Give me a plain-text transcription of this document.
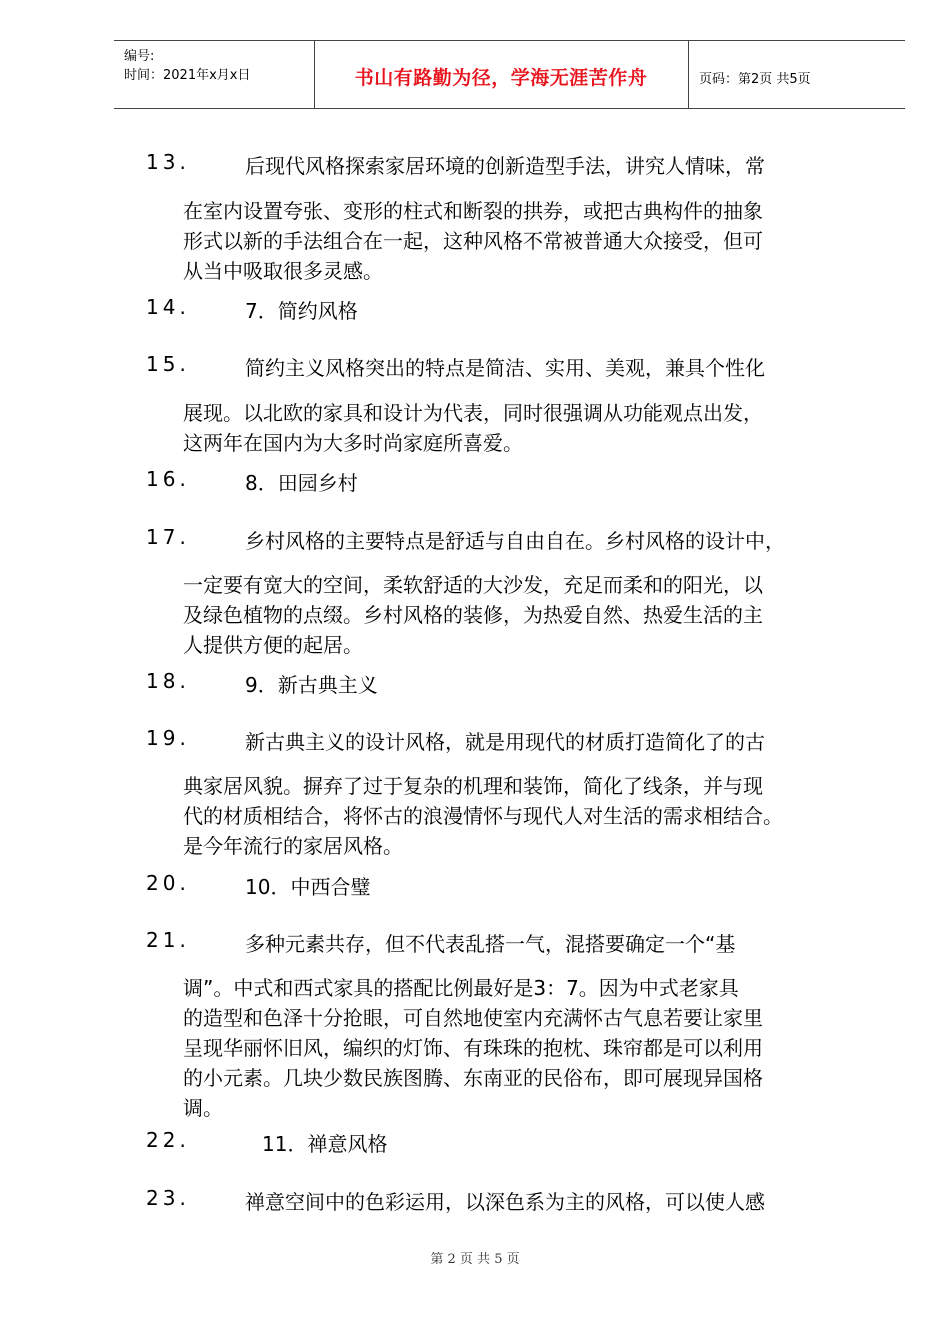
编号:
时间：2021年x月x日	书山有路勤为径，学海无涯苦作舟	页码：第2页 共5页
13.	后现代风格探索家居环境的创新造型手法，讲究人情味，常
在室内设置夸张、变形的柱式和断裂的拱券，或把古典构件的抽象
形式以新的手法组合在一起，这种风格不常被普通大众接受，但可
从当中吸取很多灵感。
14.	7．简约风格
15.	简约主义风格突出的特点是简洁、实用、美观，兼具个性化
展现。以北欧的家具和设计为代表，同时很强调从功能观点出发，
这两年在国内为大多时尚家庭所喜爱。
16.	8．田园乡村
17.	乡村风格的主要特点是舒适与自由自在。乡村风格的设计中，
一定要有宽大的空间，柔软舒适的大沙发，充足而柔和的阳光，以
及绿色植物的点缀。乡村风格的装修，为热爱自然、热爱生活的主
人提供方便的起居。
18.	9．新古典主义
19.	新古典主义的设计风格，就是用现代的材质打造简化了的古
典家居风貌。摒弃了过于复杂的机理和装饰，简化了线条，并与现
代的材质相结合，将怀古的浪漫情怀与现代人对生活的需求相结合。
是今年流行的家居风格。
20.	10．中西合璧
21.	多种元素共存，但不代表乱搭一气，混搭要确定一个“基
调”。中式和西式家具的搭配比例最好是3：7。因为中式老家具
的造型和色泽十分抢眼，可自然地使室内充满怀古气息若要让家里
呈现华丽怀旧风，编织的灯饰、有珠珠的抱枕、珠帘都是可以利用
的小元素。几块少数民族图腾、东南亚的民俗布，即可展现异国格
调。
22.	11．禅意风格
23.	禅意空间中的色彩运用，以深色系为主的风格，可以使人感
第 2 页 共 5 页
